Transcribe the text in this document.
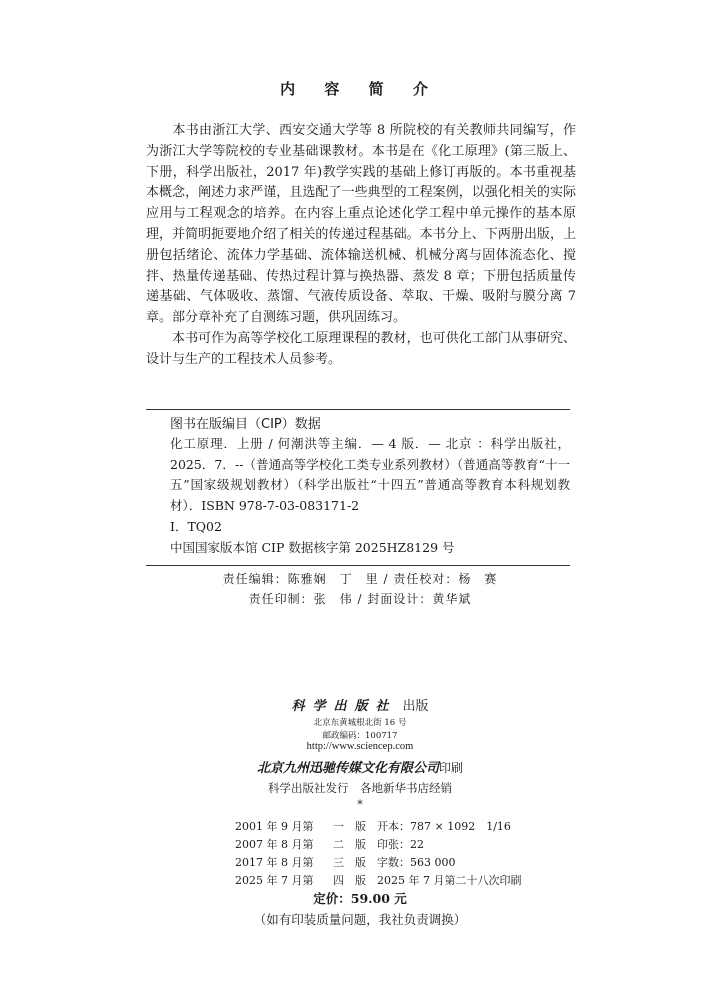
内 容 简 介
本书由浙江大学、西安交通大学等 8 所院校的有关教师共同编写，作为浙江大学等院校的专业基础课教材。本书是在《化工原理》(第三版上、下册，科学出版社，2017 年)教学实践的基础上修订再版的。本书重视基本概念，阐述力求严谨，且选配了一些典型的工程案例，以强化相关的实际应用与工程观念的培养。在内容上重点论述化学工程中单元操作的基本原理，并简明扼要地介绍了相关的传递过程基础。本书分上、下两册出版，上册包括绪论、流体力学基础、流体输送机械、机械分离与固体流态化、搅拌、热量传递基础、传热过程计算与换热器、蒸发 8 章；下册包括质量传递基础、气体吸收、蒸馏、气液传质设备、萃取、干燥、吸附与膜分离 7 章。部分章补充了自测练习题，供巩固练习。
本书可作为高等学校化工原理课程的教材，也可供化工部门从事研究、设计与生产的工程技术人员参考。
图书在版编目（CIP）数据
化工原理．上册 / 何潮洪等主编．— 4 版．— 北京 ：科学出版社，2025．7．--（普通高等学校化工类专业系列教材）（普通高等教育“十一五”国家级规划教材）（科学出版社“十四五”普通高等教育本科规划教材）．ISBN 978-7-03-083171-2
Ⅰ．TQ02
中国国家版本馆 CIP 数据核字第 2025HZ8129 号
责任编辑：陈雅娴　丁　里 / 责任校对：杨　赛
责任印制：张　伟 / 封面设计：黄华斌
科学出版社 出版
北京东黄城根北街 16 号
邮政编码：100717
http://www.sciencep.com
北京九州迅驰传媒文化有限公司印刷
科学出版社发行　各地新华书店经销
*
2001 年 9 月第 一　版 开本：787 × 1092　1/16
2007 年 8 月第 二　版 印张：22
2017 年 8 月第 三　版 字数：563 000
2025 年 7 月第 四　版 2025 年 7 月第二十八次印刷
定价：59.00 元
（如有印装质量问题，我社负责调换）
